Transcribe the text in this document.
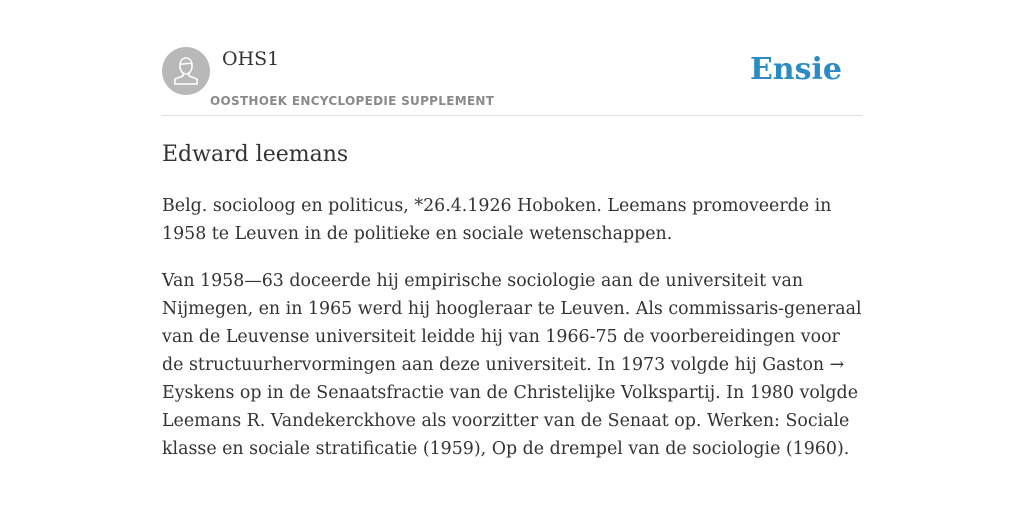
OHS1
OOSTHOEK ENCYCLOPEDIE SUPPLEMENT
Ensie
Edward leemans

Belg. socioloog en politicus, *26.4.1926 Hoboken. Leemans promoveerde in 1958 te Leuven in de politieke en sociale wetenschappen.

Van 1958—63 doceerde hij empirische sociologie aan de universiteit van Nijmegen, en in 1965 werd hij hoogleraar te Leuven. Als commissaris-generaal van de Leuvense universiteit leidde hij van 1966-75 de voorbereidingen voor de structuurhervormingen aan deze universiteit. In 1973 volgde hij Gaston → Eyskens op in de Senaatsfractie van de Christelijke Volkspartij. In 1980 volgde Leemans R. Vandekerckhove als voorzitter van de Senaat op. Werken: Sociale klasse en sociale stratificatie (1959), Op de drempel van de sociologie (1960).
